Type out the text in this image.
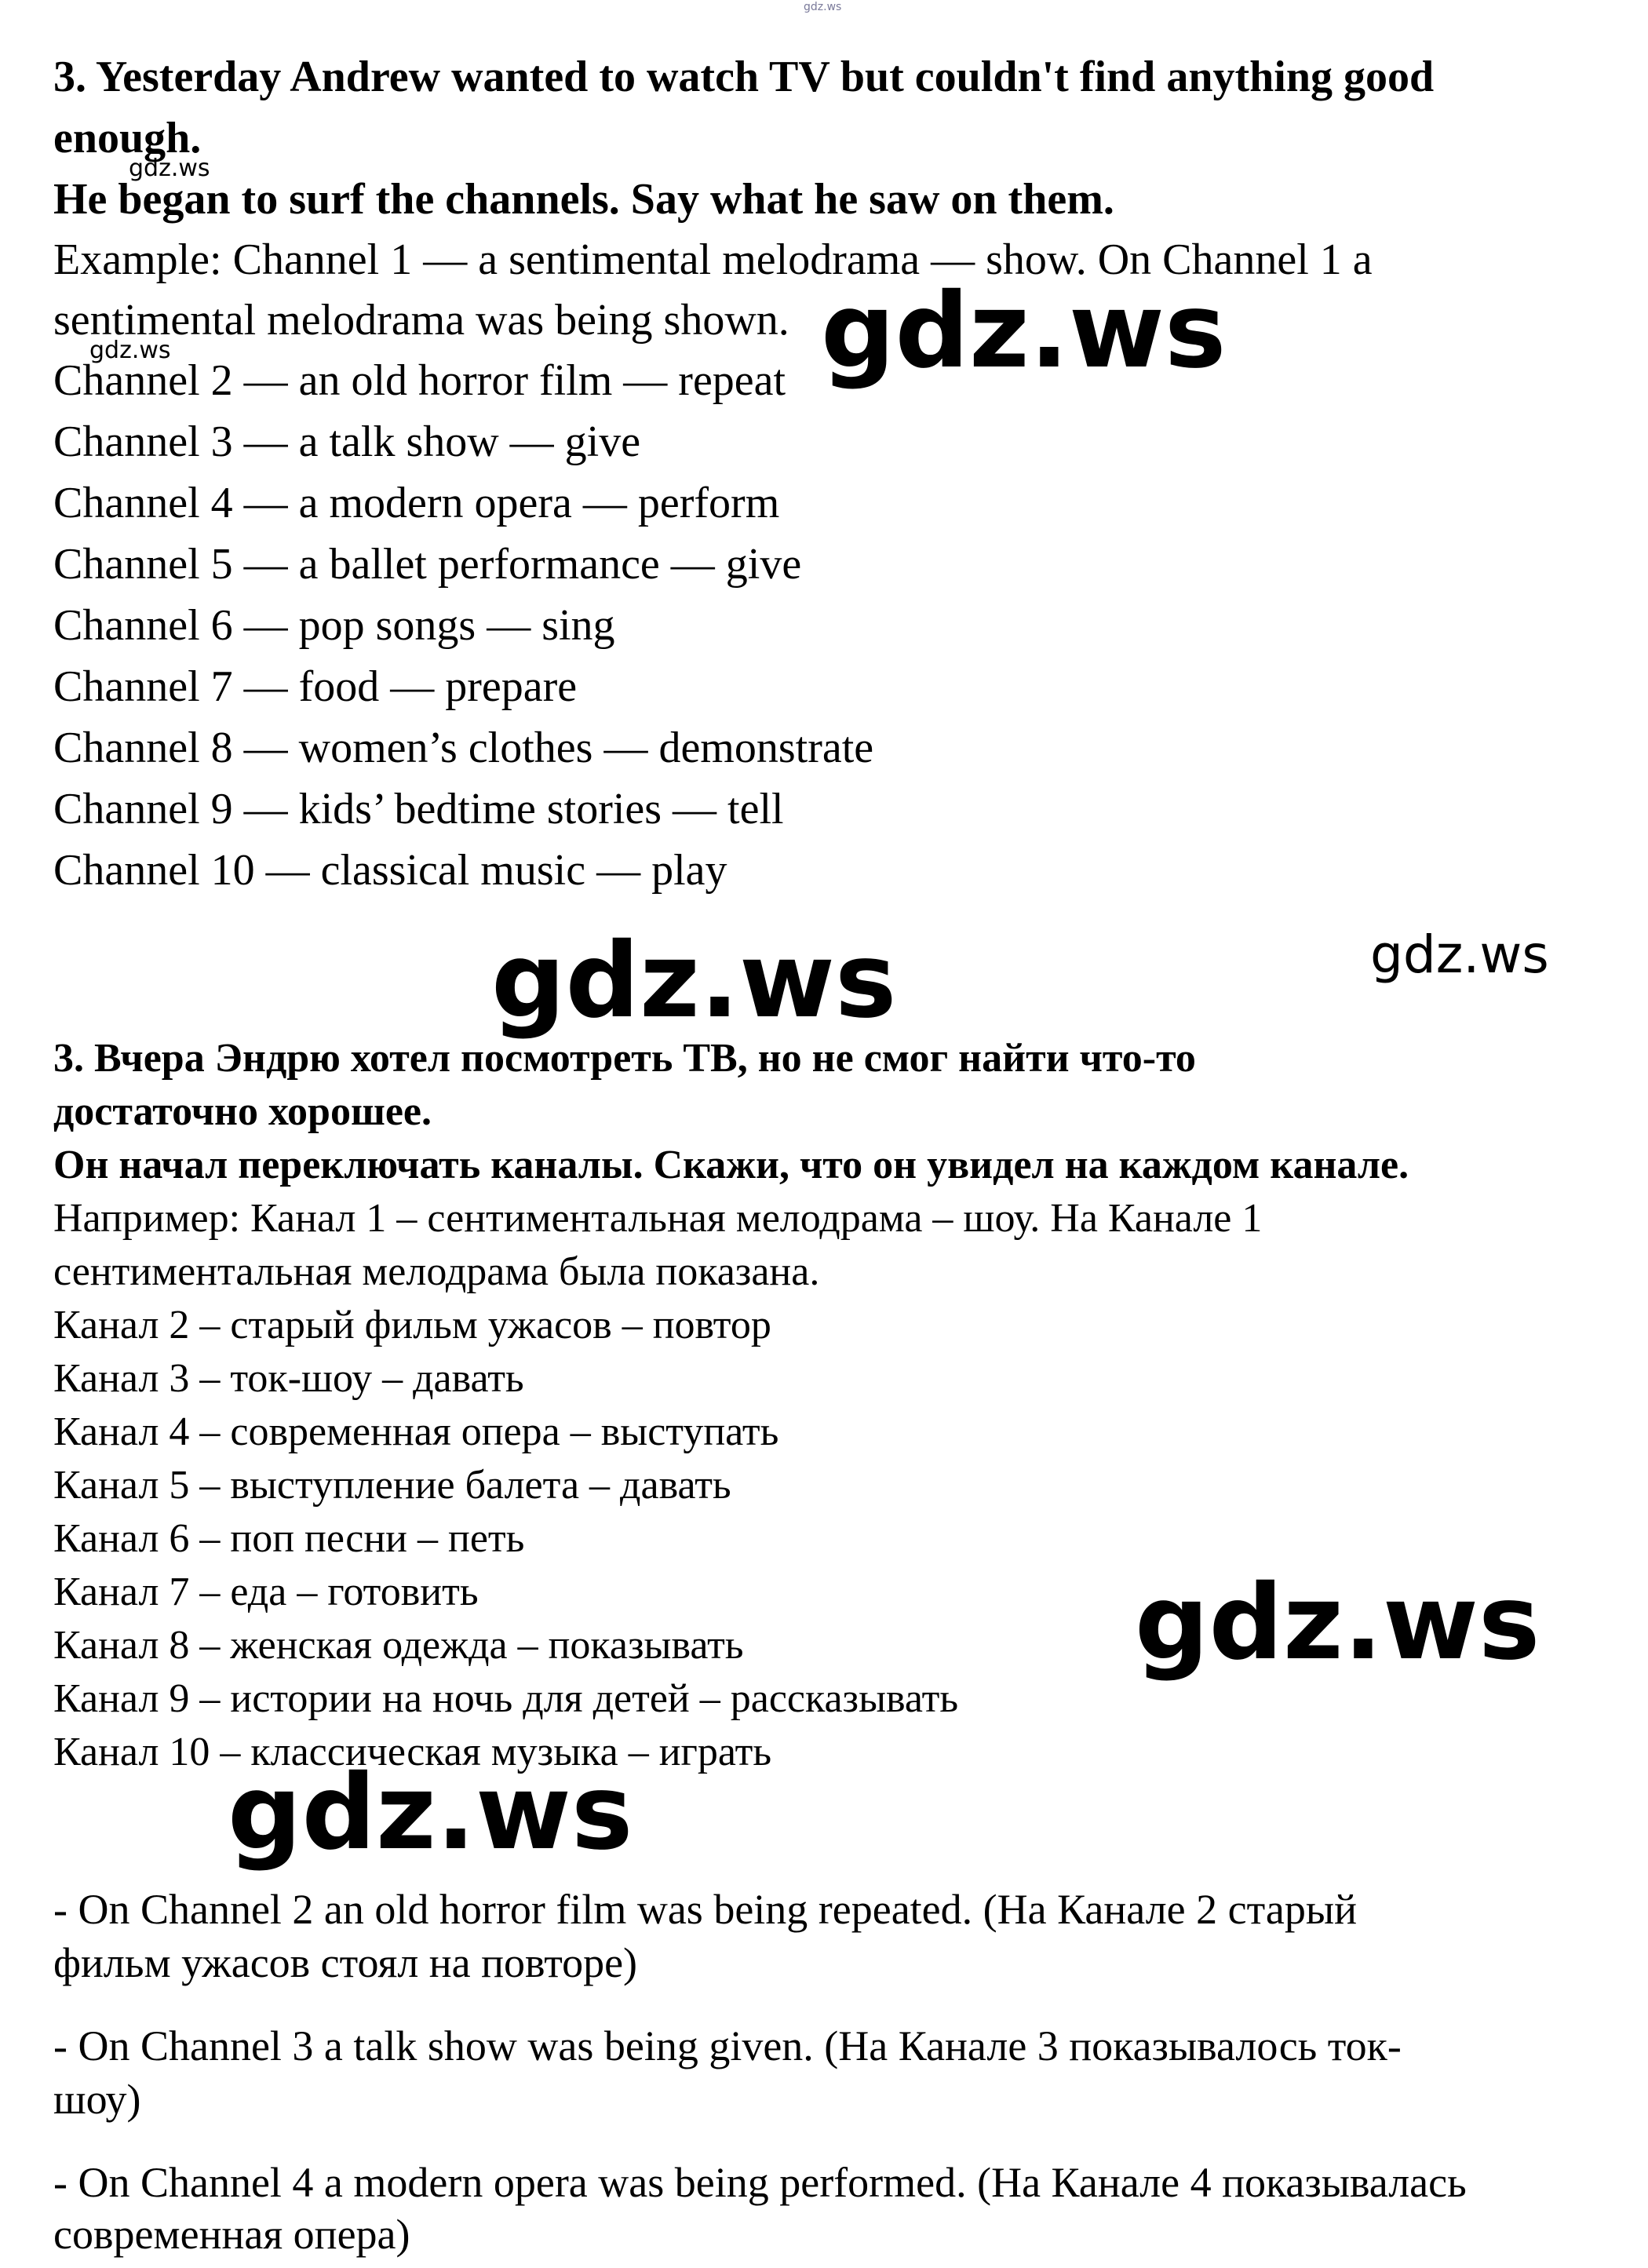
gdz.ws
3. Yesterday Andrew wanted to watch TV but couldn't find anything good
enough.
He began to surf the channels. Say what he saw on them.
Example: Channel 1 — a sentimental melodrama — show. On Channel 1 a
sentimental melodrama was being shown.
Channel 2 — an old horror film — repeat
Channel 3 — a talk show — give
Channel 4 — a modern opera — perform
Channel 5 — a ballet performance — give
Channel 6 — pop songs — sing
Channel 7 — food — prepare
Channel 8 — women’s clothes — demonstrate
Channel 9 — kids’ bedtime stories — tell
Channel 10 — classical music — play
3. Вчера Эндрю хотел посмотреть ТВ, но не смог найти что-то
достаточно хорошее.
Он начал переключать каналы. Скажи, что он увидел на каждом канале.
Например: Канал 1 – сентиментальная мелодрама – шоу. На Канале 1
сентиментальная мелодрама была показана.
Канал 2 – старый фильм ужасов – повтор
Канал 3 – ток-шоу – давать
Канал 4 – современная опера – выступать
Канал 5 – выступление балета – давать
Канал 6 – поп песни – петь
Канал 7 – еда – готовить
Канал 8 – женская одежда – показывать
Канал 9 – истории на ночь для детей – рассказывать
Канал 10 – классическая музыка – играть
- On Channel 2 an old horror film was being repeated. (На Канале 2 старый
фильм ужасов стоял на повторе)
- On Channel 3 a talk show was being given. (На Канале 3 показывалось ток-
шоу)
- On Channel 4 a modern opera was being performed. (На Канале 4 показывалась
современная опера)
gdz.ws
gdz.ws	gdz.ws
gdz.ws	gdz.ws
gdz.ws
gdz.ws
